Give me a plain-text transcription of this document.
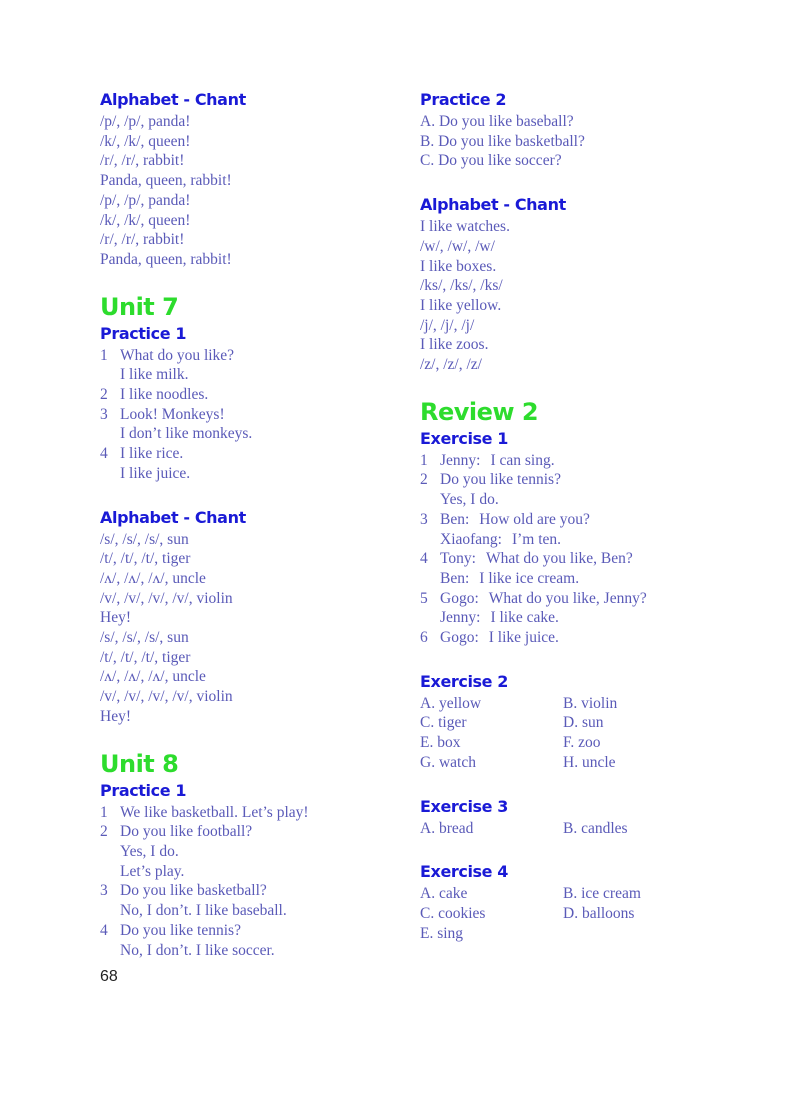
Alphabet - Chant

/p/, /p/, panda!

/k/, /k/, queen!

/r/, /r/, rabbit!

Panda, queen, rabbit!

/p/, /p/, panda!

/k/, /k/, queen!

/r/, /r/, rabbit!

Panda, queen, rabbit!

Unit 7

Practice 1

1 What do you like?
I like milk.
2 I like noodles.
3 Look! Monkeys!
I don’t like monkeys.
4 I like rice.
I like juice.

Alphabet - Chant

/s/, /s/, /s/, sun

/t/, /t/, /t/, tiger

/ʌ/, /ʌ/, /ʌ/, uncle

/v/, /v/, /v/, /v/, violin

Hey!

/s/, /s/, /s/, sun

/t/, /t/, /t/, tiger

/ʌ/, /ʌ/, /ʌ/, uncle

/v/, /v/, /v/, /v/, violin

Hey!

Unit 8

Practice 1

1 We like basketball. Let’s play!
2 Do you like football?
Yes, I do.
Let’s play.
3 Do you like basketball?
No, I don’t. I like baseball.
4 Do you like tennis?
No, I don’t. I like soccer.

Practice 2

A. Do you like baseball?

B. Do you like basketball?

C. Do you like soccer?

Alphabet - Chant

I like watches.

/w/, /w/, /w/

I like boxes.

/ks/, /ks/, /ks/

I like yellow.

/j/, /j/, /j/

I like zoos.

/z/, /z/, /z/

Review 2

Exercise 1

1 Jenny: I can sing.
2 Do you like tennis?
Yes, I do.
3 Ben: How old are you?
Xiaofang: I’m ten.
4 Tony: What do you like, Ben?
Ben: I like ice cream.
5 Gogo: What do you like, Jenny?
Jenny: I like cake.
6 Gogo: I like juice.

Exercise 2

A. yellow	B. violin
C. tiger	D. sun
E. box	F. zoo
G. watch	H. uncle

Exercise 3

A. bread	B. candles

Exercise 4

A. cake	B. ice cream
C. cookies	D. balloons
E. sing
68
